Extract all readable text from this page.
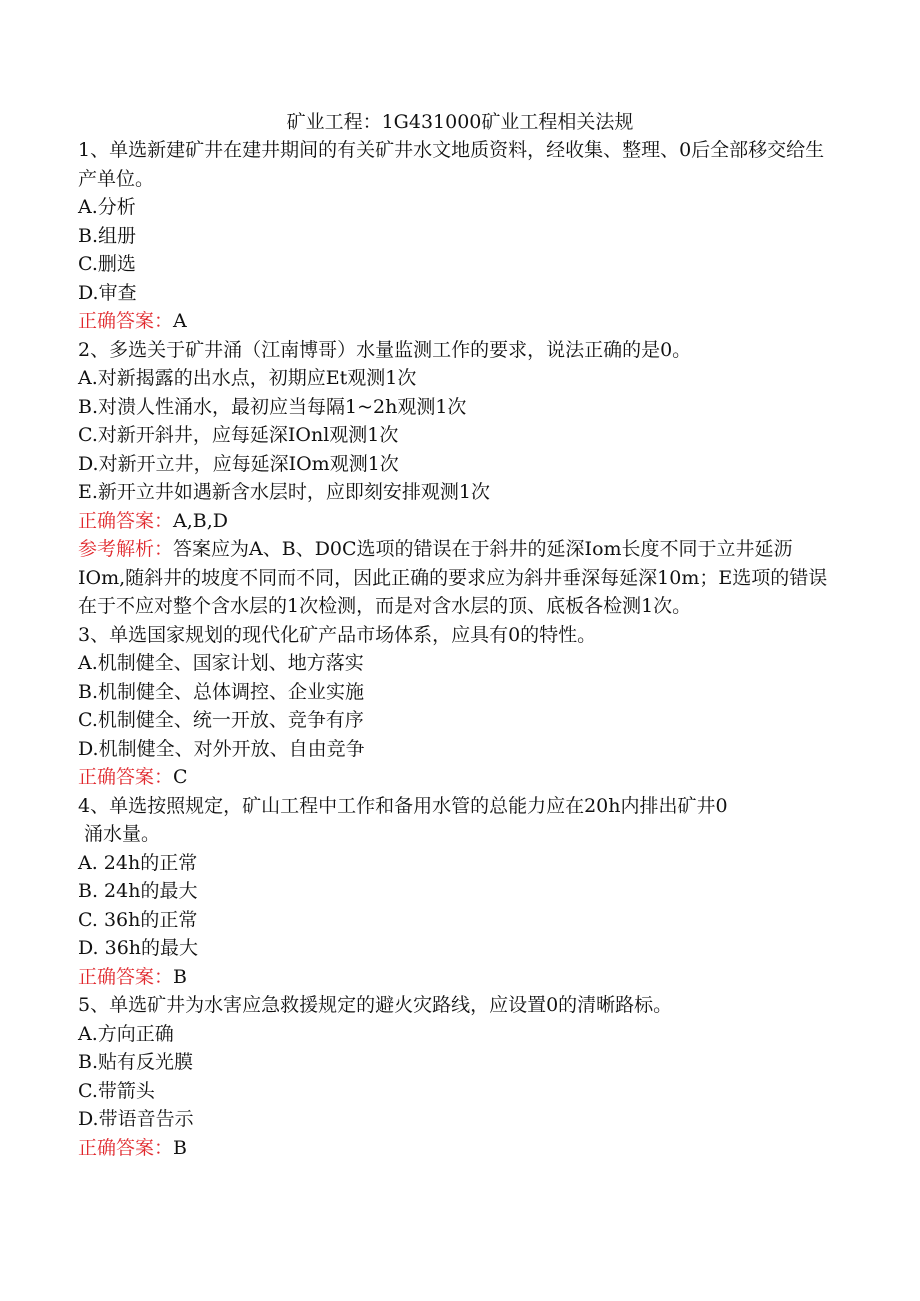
矿业工程：1G431000矿业工程相关法规
1、单选新建矿井在建井期间的有关矿井水文地质资料，经收集、整理、0后全部移交给生产单位。
A.分析
B.组册
C.删选
D.审查
正确答案：A
2、多选关于矿井涌（江南博哥）水量监测工作的要求，说法正确的是0。
A.对新揭露的出水点，初期应Et观测1次
B.对溃人性涌水，最初应当每隔1~2h观测1次
C.对新开斜井，应每延深IOnl观测1次
D.对新开立井，应每延深IOm观测1次
E.新开立井如遇新含水层时，应即刻安排观测1次
正确答案：A,B,D
参考解析：答案应为A、B、D0C选项的错误在于斜井的延深Iom长度不同于立井延沥IOm,随斜井的坡度不同而不同，因此正确的要求应为斜井垂深每延深10m；E选项的错误在于不应对整个含水层的1次检测，而是对含水层的顶、底板各检测1次。
3、单选国家规划的现代化矿产品市场体系，应具有0的特性。
A.机制健全、国家计划、地方落实
B.机制健全、总体调控、企业实施
C.机制健全、统一开放、竞争有序
D.机制健全、对外开放、自由竞争
正确答案：C
4、单选按照规定，矿山工程中工作和备用水管的总能力应在20h内排出矿井0
涌水量。
A. 24h的正常
B. 24h的最大
C. 36h的正常
D. 36h的最大
正确答案：B
5、单选矿井为水害应急救援规定的避火灾路线，应设置0的清晰路标。
A.方向正确
B.贴有反光膜
C.带箭头
D.带语音告示
正确答案：B
